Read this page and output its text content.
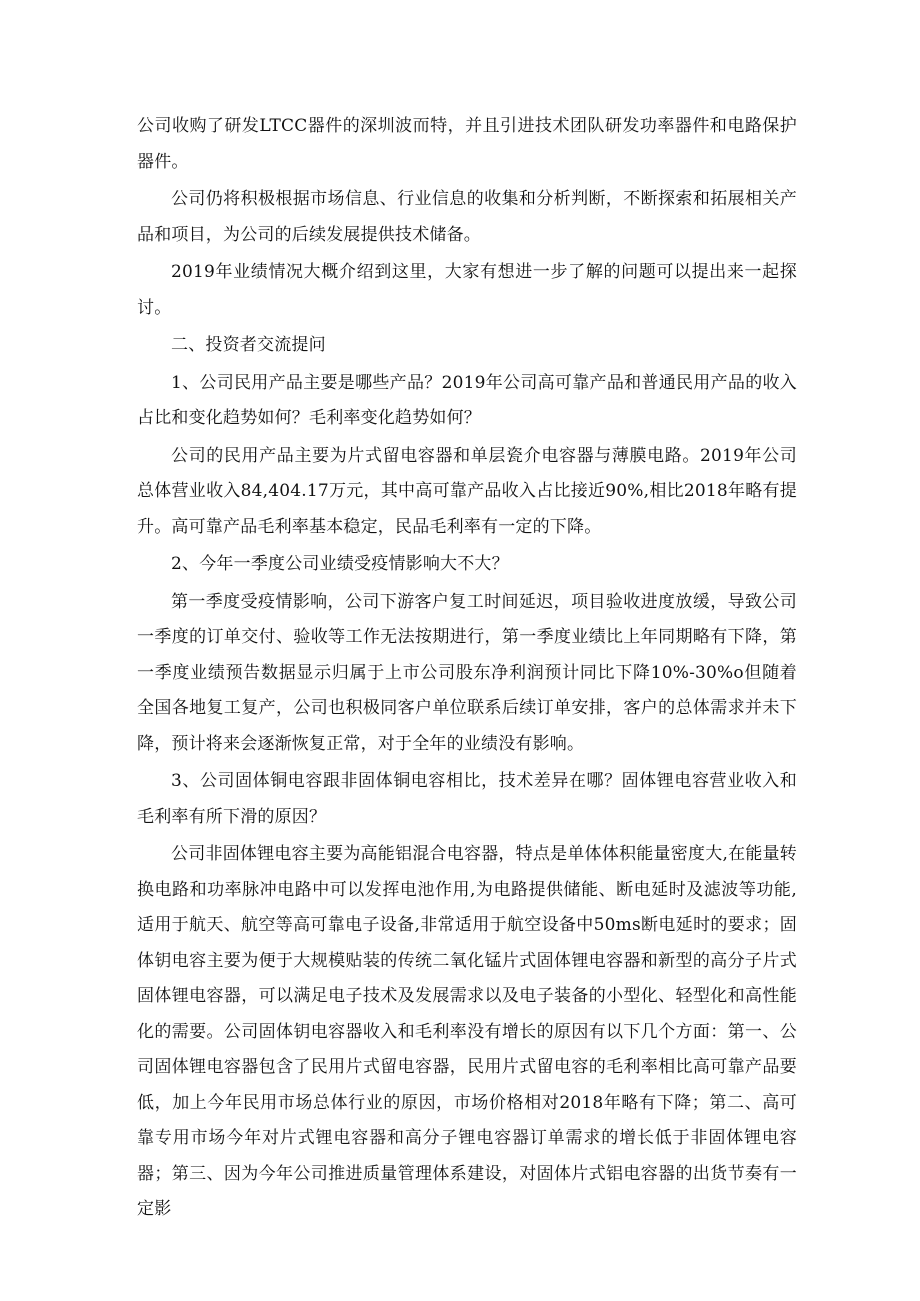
公司收购了研发LTCC器件的深圳波而特，并且引进技术团队研发功率器件和电路保护器件。

公司仍将积极根据市场信息、行业信息的收集和分析判断，不断探索和拓展相关产品和项目，为公司的后续发展提供技术储备。

2019年业绩情况大概介绍到这里，大家有想进一步了解的问题可以提出来一起探讨。

二、投资者交流提问

1、公司民用产品主要是哪些产品？2019年公司高可靠产品和普通民用产品的收入占比和变化趋势如何？毛利率变化趋势如何？

公司的民用产品主要为片式留电容器和单层瓷介电容器与薄膜电路。2019年公司总体营业收入84,404.17万元，其中高可靠产品收入占比接近90%,相比2018年略有提升。高可靠产品毛利率基本稳定，民品毛利率有一定的下降。

2、今年一季度公司业绩受疫情影响大不大？

第一季度受疫情影响，公司下游客户复工时间延迟，项目验收进度放缓，导致公司一季度的订单交付、验收等工作无法按期进行，第一季度业绩比上年同期略有下降，第一季度业绩预告数据显示归属于上市公司股东净利润预计同比下降10%-30%o但随着全国各地复工复产，公司也积极同客户单位联系后续订单安排，客户的总体需求并未下降，预计将来会逐渐恢复正常，对于全年的业绩没有影响。

3、公司固体铜电容跟非固体铜电容相比，技术差异在哪？固体锂电容营业收入和毛利率有所下滑的原因？

公司非固体锂电容主要为高能铝混合电容器，特点是单体体积能量密度大,在能量转换电路和功率脉冲电路中可以发挥电池作用,为电路提供储能、断电延时及滤波等功能,适用于航天、航空等高可靠电子设备,非常适用于航空设备中50ms断电延时的要求；固体钥电容主要为便于大规模贴装的传统二氧化锰片式固体锂电容器和新型的高分子片式固体锂电容器，可以满足电子技术及发展需求以及电子装备的小型化、轻型化和高性能化的需要。公司固体钥电容器收入和毛利率没有增长的原因有以下几个方面：第一、公司固体锂电容器包含了民用片式留电容器，民用片式留电容的毛利率相比高可靠产品要低，加上今年民用市场总体行业的原因，市场价格相对2018年略有下降；第二、高可靠专用市场今年对片式锂电容器和高分子锂电容器订单需求的增长低于非固体锂电容器；第三、因为今年公司推进质量管理体系建设，对固体片式铝电容器的出货节奏有一定影
